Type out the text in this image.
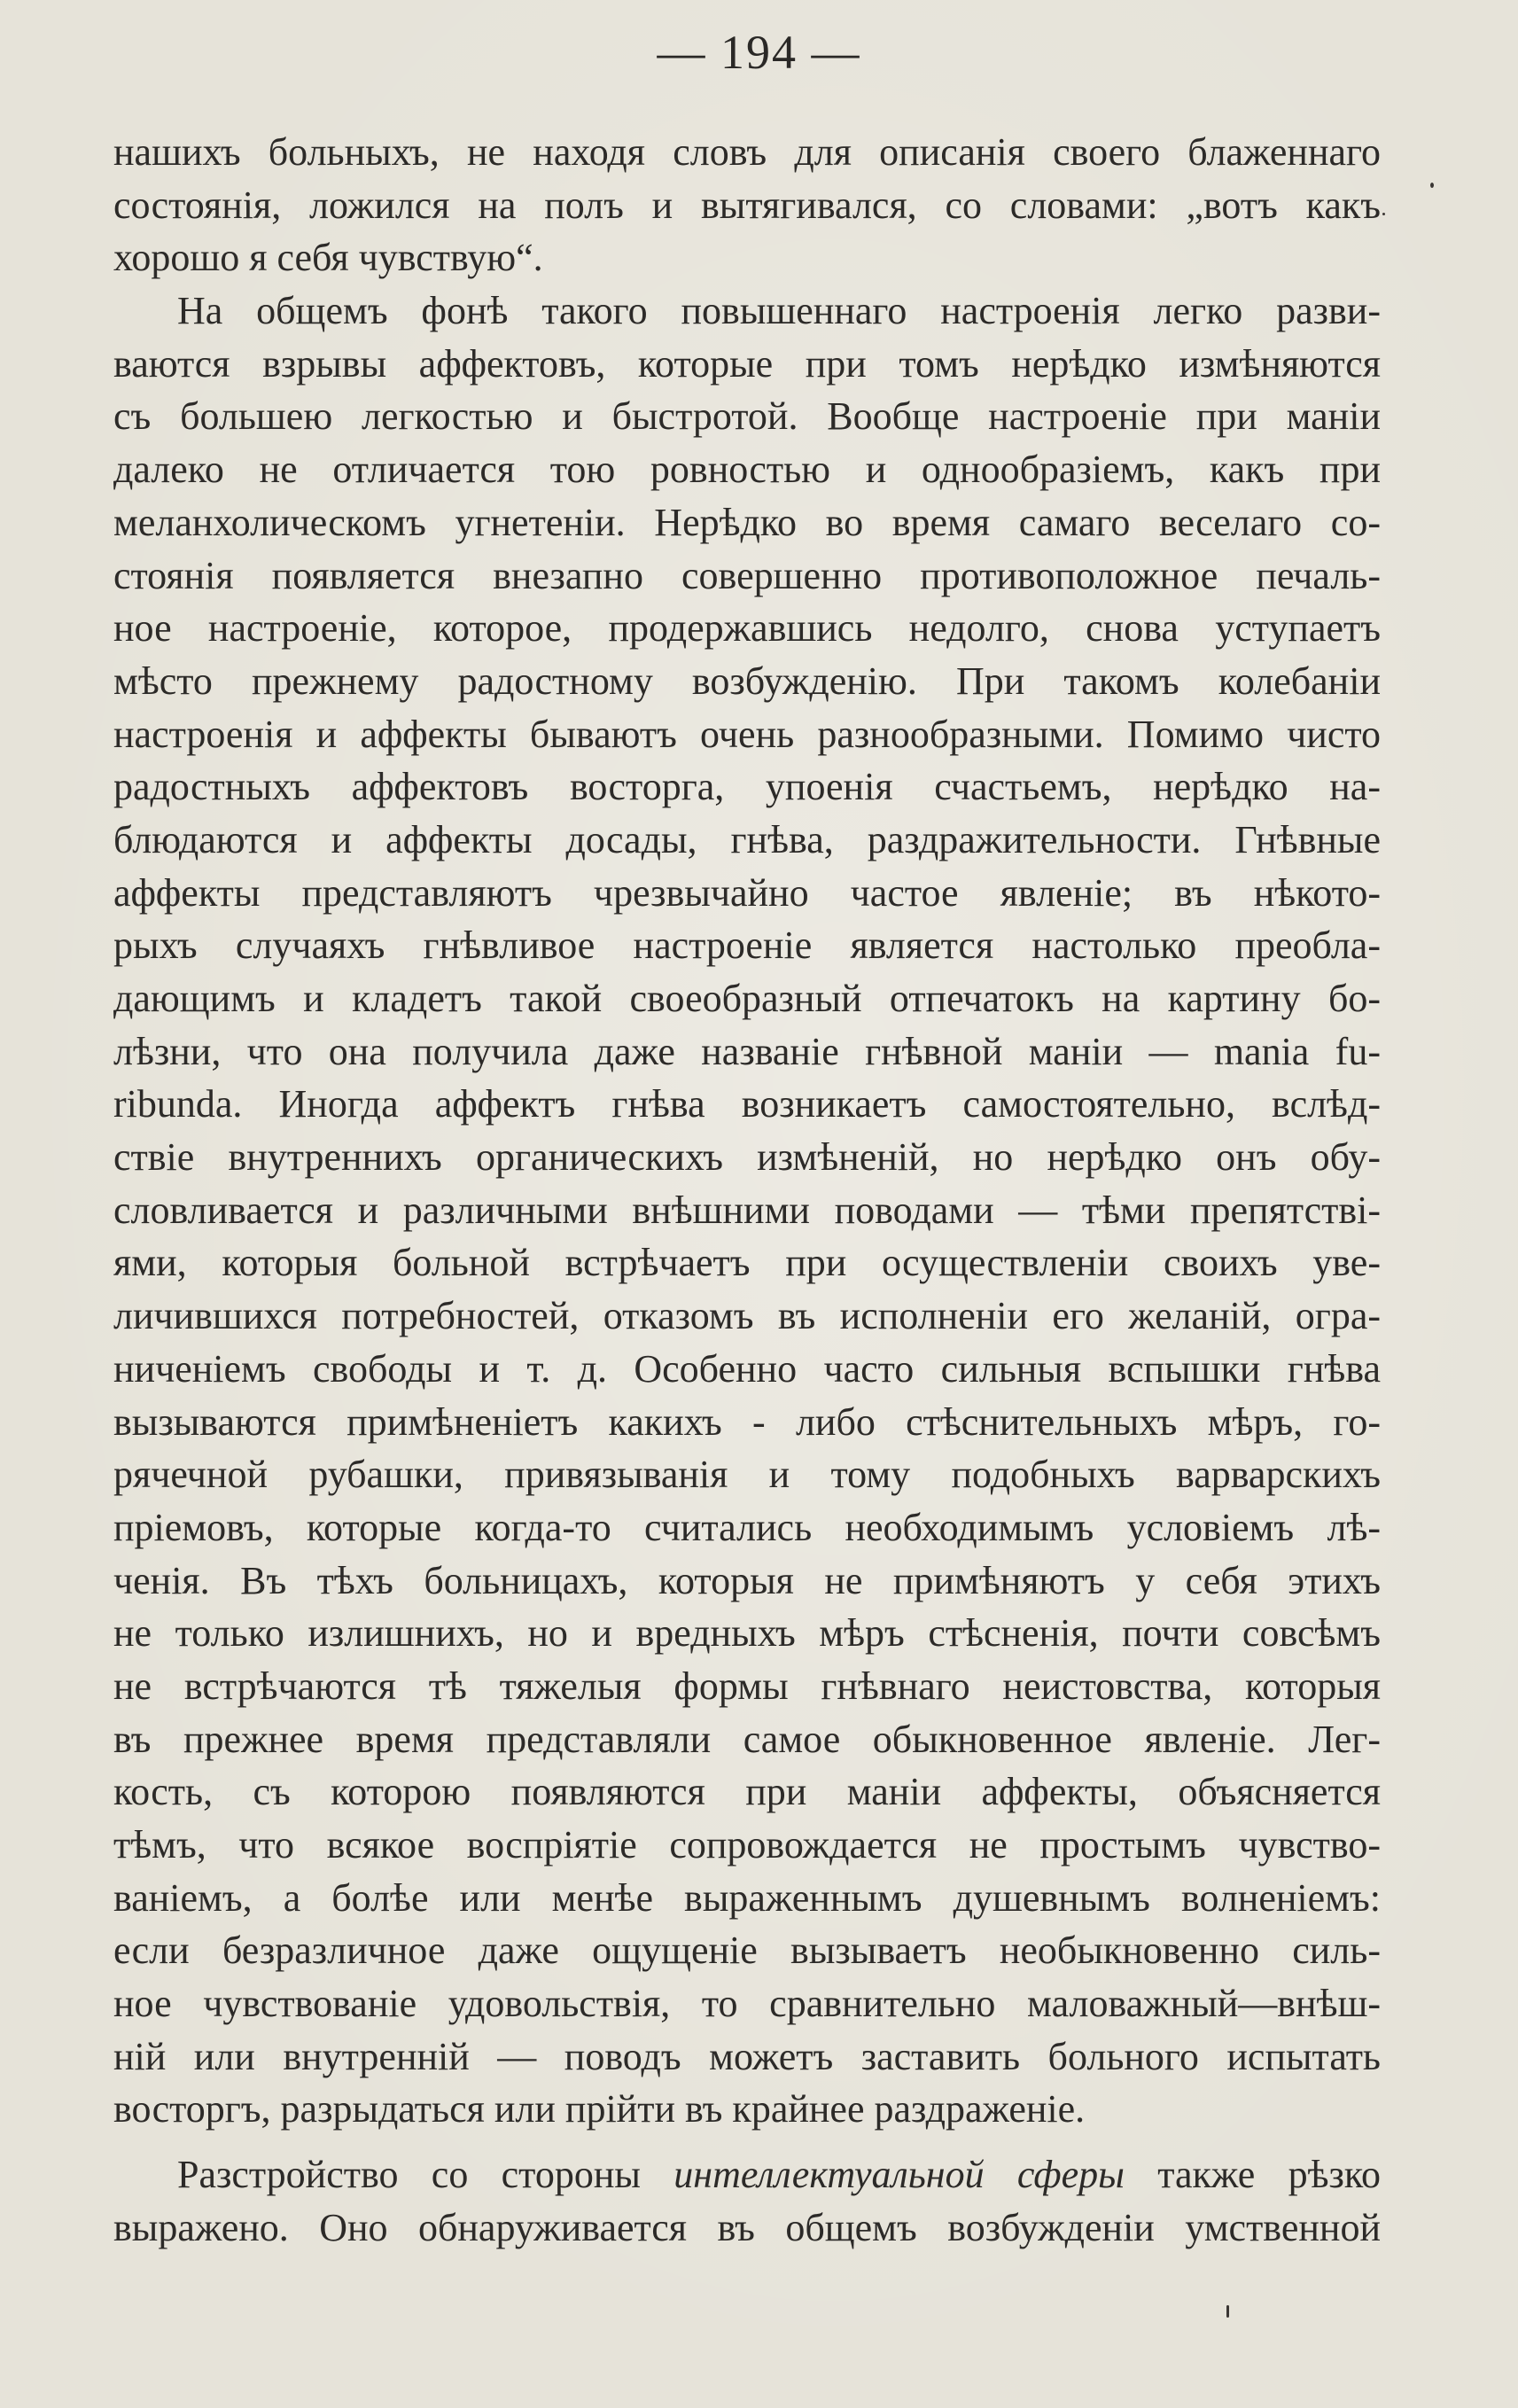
— 194 —
нашихъ больныхъ, не находя словъ для описанія своего блаженнаго
состоянія, ложился на полъ и вытягивался, со словами: „вотъ какъ
хорошо я себя чувствую“.
На общемъ фонѣ такого повышеннаго настроенія легко разви-
ваются взрывы аффектовъ, которые при томъ нерѣдко измѣняются
съ большею легкостью и быстротой. Вообще настроеніе при маніи
далеко не отличается тою ровностью и однообразіемъ, какъ при
меланхолическомъ угнетеніи. Нерѣдко во время самаго веселаго со-
стоянія появляется внезапно совершенно противоположное печаль-
ное настроеніе, которое, продержавшись недолго, снова уступаетъ
мѣсто прежнему радостному возбужденію. При такомъ колебаніи
настроенія и аффекты бываютъ очень разнообразными. Помимо чисто
радостныхъ аффектовъ восторга, упоенія счастьемъ, нерѣдко на-
блюдаются и аффекты досады, гнѣва, раздражительности. Гнѣвные
аффекты представляютъ чрезвычайно частое явленіе; въ нѣкото-
рыхъ случаяхъ гнѣвливое настроеніе является настолько преобла-
дающимъ и кладетъ такой своеобразный отпечатокъ на картину бо-
лѣзни, что она получила даже названіе гнѣвной маніи — mania fu-
ribunda. Иногда аффектъ гнѣва возникаетъ самостоятельно, вслѣд-
ствіе внутреннихъ органическихъ измѣненій, но нерѣдко онъ обу-
словливается и различными внѣшними поводами — тѣми препятстві-
ями, которыя больной встрѣчаетъ при осуществленіи своихъ уве-
личившихся потребностей, отказомъ въ исполненіи его желаній, огра-
ниченіемъ свободы и т. д. Особенно часто сильныя вспышки гнѣва
вызываются примѣненіетъ какихъ - либо стѣснительныхъ мѣръ, го-
рячечной рубашки, привязыванія и тому подобныхъ варварскихъ
пріемовъ, которые когда-то считались необходимымъ условіемъ лѣ-
ченія. Въ тѣхъ больницахъ, которыя не примѣняютъ у себя этихъ
не только излишнихъ, но и вредныхъ мѣръ стѣсненія, почти совсѣмъ
не встрѣчаются тѣ тяжелыя формы гнѣвнаго неистовства, которыя
въ прежнее время представляли самое обыкновенное явленіе. Лег-
кость, съ которою появляются при маніи аффекты, объясняется
тѣмъ, что всякое воспріятіе сопровождается не простымъ чувство-
ваніемъ, а болѣе или менѣе выраженнымъ душевнымъ волненіемъ:
если безразличное даже ощущеніе вызываетъ необыкновенно силь-
ное чувствованіе удовольствія, то сравнительно маловажный—внѣш-
ній или внутренній — поводъ можетъ заставить больного испытать
восторгъ, разрыдаться или прійти въ крайнее раздраженіе.
Разстройство со стороны интеллектуальной сферы также рѣзко
выражено. Оно обнаруживается въ общемъ возбужденіи умственной
